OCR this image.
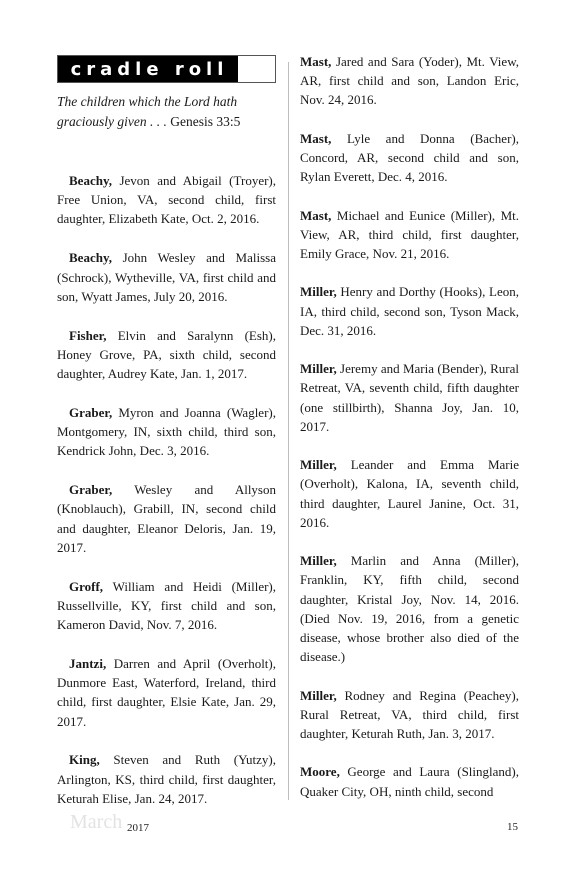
cradle roll
The children which the Lord hath graciously given . . . Genesis 33:5

Beachy, Jevon and Abigail (Troyer), Free Union, VA, second child, first daughter, Elizabeth Kate, Oct. 2, 2016.

Beachy, John Wesley and Malissa (Schrock), Wytheville, VA, first child and son, Wyatt James, July 20, 2016.

Fisher, Elvin and Saralynn (Esh), Honey Grove, PA, sixth child, second daughter, Audrey Kate, Jan. 1, 2017.

Graber, Myron and Joanna (Wagler), Montgomery, IN, sixth child, third son, Kendrick John, Dec. 3, 2016.

Graber, Wesley and Allyson (Knoblauch), Grabill, IN, second child and daughter, Eleanor Deloris, Jan. 19, 2017.

Groff, William and Heidi (Miller), Russellville, KY, first child and son, Kameron David, Nov. 7, 2016.

Jantzi, Darren and April (Overholt), Dunmore East, Waterford, Ireland, third child, first daughter, Elsie Kate, Jan. 29, 2017.

King, Steven and Ruth (Yutzy), Arlington, KS, third child, first daughter, Keturah Elise, Jan. 24, 2017.

Mast, Jared and Sara (Yoder), Mt. View, AR, first child and son, Landon Eric, Nov. 24, 2016.

Mast, Lyle and Donna (Bacher), Concord, AR, second child and son, Rylan Everett, Dec. 4, 2016.

Mast, Michael and Eunice (Miller), Mt. View, AR, third child, first daughter, Emily Grace, Nov. 21, 2016.

Miller, Henry and Dorthy (Hooks), Leon, IA, third child, second son, Tyson Mack, Dec. 31, 2016.

Miller, Jeremy and Maria (Bender), Rural Retreat, VA, seventh child, fifth daughter (one stillbirth), Shanna Joy, Jan. 10, 2017.

Miller, Leander and Emma Marie (Overholt), Kalona, IA, seventh child, third daughter, Laurel Janine, Oct. 31, 2016.

Miller, Marlin and Anna (Miller), Franklin, KY, fifth child, second daughter, Kristal Joy, Nov. 14, 2016. (Died Nov. 19, 2016, from a genetic disease, whose brother also died of the disease.)

Miller, Rodney and Regina (Peachey), Rural Retreat, VA, third child, first daughter, Keturah Ruth, Jan. 3, 2017.

Moore, George and Laura (Slingland), Quaker City, OH, ninth child, second

March 2017	15
